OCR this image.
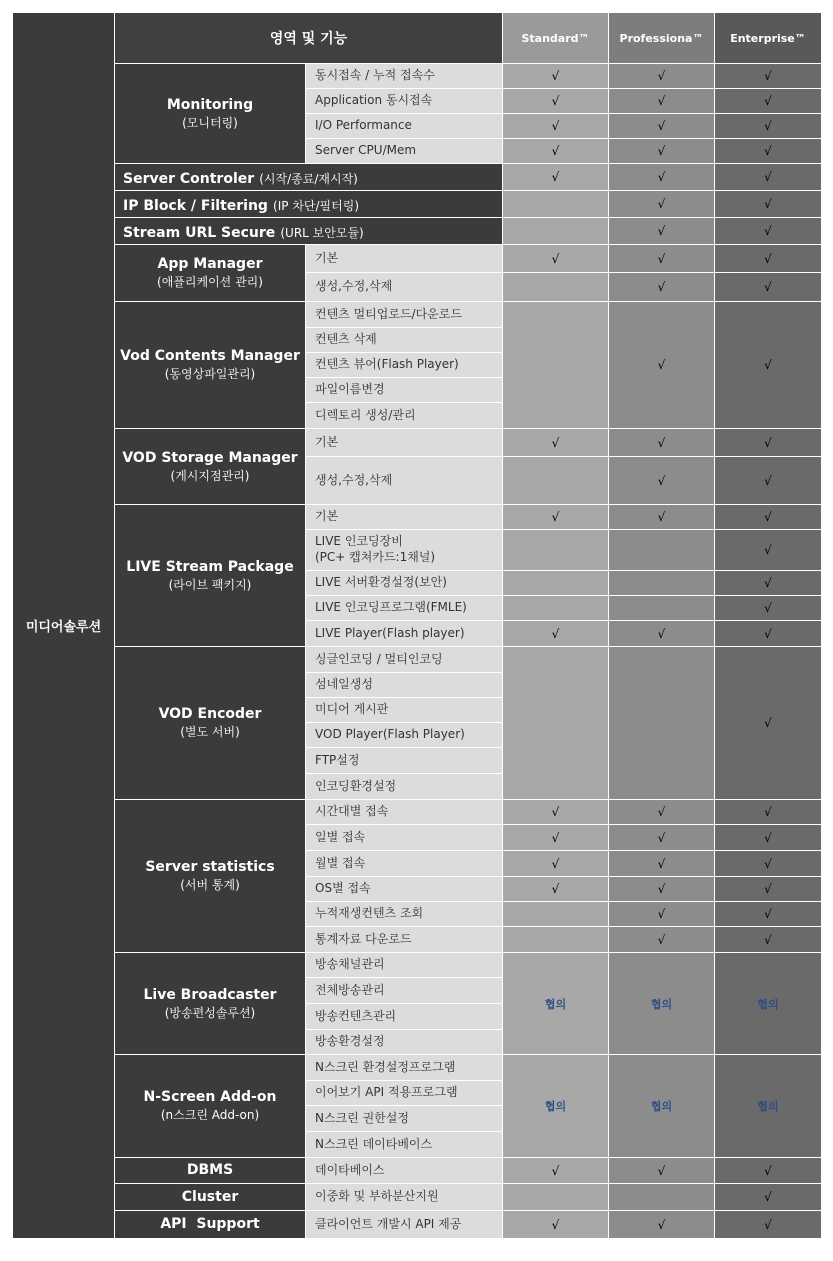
미디어솔루션	영역 및 기능		Standard™	Professiona™	Enterprise™

	Monitoring
(모니터링)	동시접속 / 누적 접속수	√	√	√
		Application 동시접속	√	√	√
		I/O Performance	√	√	√
		Server CPU/Mem	√	√	√
	Server Controler (시작/종료/재시작)		√	√	√
	IP Block / Filtering (IP 차단/필터링)			√	√
	Stream URL Secure (URL 보안모듈)			√	√

	App Manager
(애플리케이션 관리)	기본	√	√	√
		생성,수정,삭제		√	√

	Vod Contents Manager
(동영상파일관리)	컨텐츠 멀티업로드/다운로드		√	√
		컨텐츠 삭제			
		컨텐츠 뷰어(Flash Player)			
		파일이름변경			
		디렉토리 생성/관리			

	VOD Storage Manager
(게시지점관리)	기본	√	√	√
		생성,수정,삭제		√	√

	LIVE Stream Package
(라이브 팩키지)	기본	√	√	√

		LIVE 인코딩장비
(PC+ 캡쳐카드:1채널)			√
		LIVE 서버환경설정(보안)			√
		LIVE 인코딩프로그램(FMLE)			√
		LIVE Player(Flash player)	√	√	√

	VOD Encoder
(별도 서버)	싱글인코딩 / 멀티인코딩			√
		섬네일생성			
		미디어 게시판			
		VOD Player(Flash Player)			
		FTP설정			
		인코딩환경설정			

	Server statistics
(서버 통계)	시간대별 접속	√	√	√
		일별 접속	√	√	√
		월별 접속	√	√	√
		OS별 접속	√	√	√
		누적재생컨텐츠 조회		√	√
		통계자료 다운로드		√	√

	Live Broadcaster
(방송편성솔루션)	방송채널관리	협의	협의	협의
		전체방송관리			
		방송컨텐츠관리			
		방송환경설정			

	N-Screen Add-on
(n스크린 Add-on)	N스크린 환경설정프로그램	협의	협의	협의
		이어보기 API 적용프로그램			
		N스크린 권한설정			
		N스크린 데이타베이스			

	DBMS	데이타베이스	√	√	√

	Cluster	이중화 및 부하분산지원			√

	API  Support	클라이언트 개발시 API 제공	√	√	√
